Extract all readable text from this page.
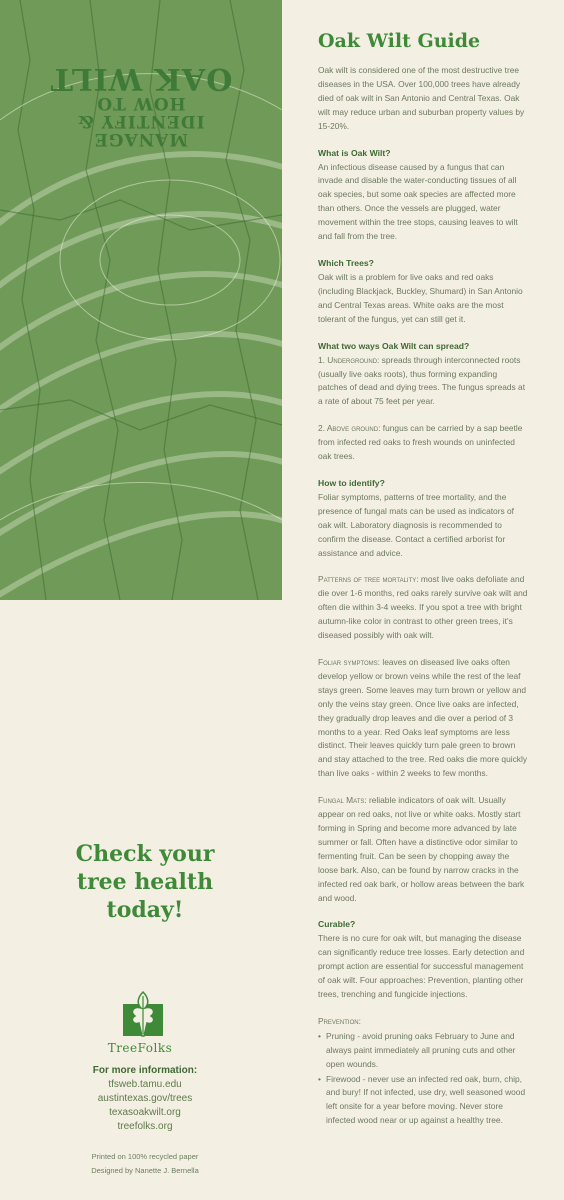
MANAGE
IDENTIFY &
HOW TO
OAK WILT
Check your
tree health
today!
TreeFolks
For more information:
tfsweb.tamu.edu
austintexas.gov/trees
texasoakwilt.org
treefolks.org
Printed on 100% recycled paper
Designed by Nanette J. Bernella
Oak Wilt Guide

Oak wilt is considered one of the most destructive tree diseases in the USA. Over 100,000 trees have already died of oak wilt in San Antonio and Central Texas. Oak wilt may reduce urban and suburban property values by 15-20%.

What is Oak Wilt?

An infectious disease caused by a fungus that can invade and disable the water-conducting tissues of all oak species, but some oak species are affected more than others. Once the vessels are plugged, water movement within the tree stops, causing leaves to wilt and fall from the tree.

Which Trees?

Oak wilt is a problem for live oaks and red oaks (including Blackjack, Buckley, Shumard) in San Antonio and Central Texas areas. White oaks are the most tolerant of the fungus, yet can still get it.

What two ways Oak Wilt can spread?

1. Underground: spreads through interconnected roots (usually live oaks roots), thus forming expanding patches of dead and dying trees. The fungus spreads at a rate of about 75 feet per year.

2. Above ground: fungus can be carried by a sap beetle from infected red oaks to fresh wounds on uninfected oak trees.

How to identify?

Foliar symptoms, patterns of tree mortality, and the presence of fungal mats can be used as indicators of oak wilt. Laboratory diagnosis is recommended to confirm the disease. Contact a certified arborist for assistance and advice.

Patterns of tree mortality: most live oaks defoliate and die over 1-6 months, red oaks rarely survive oak wilt and often die within 3-4 weeks. If you spot a tree with bright autumn-like color in contrast to other green trees, it's diseased possibly with oak wilt.

Foliar symptoms: leaves on diseased live oaks often develop yellow or brown veins while the rest of the leaf stays green. Some leaves may turn brown or yellow and only the veins stay green. Once live oaks are infected, they gradually drop leaves and die over a period of 3 months to a year. Red Oaks leaf symptoms are less distinct. Their leaves quickly turn pale green to brown and stay attached to the tree. Red oaks die more quickly than live oaks - within 2 weeks to few months.

Fungal Mats: reliable indicators of oak wilt. Usually appear on red oaks, not live or white oaks. Mostly start forming in Spring and become more advanced by late summer or fall. Often have a distinctive odor similar to fermenting fruit. Can be seen by chopping away the loose bark. Also, can be found by narrow cracks in the infected red oak bark, or hollow areas between the bark and wood.

Curable?

There is no cure for oak wilt, but managing the disease can significantly reduce tree losses. Early detection and prompt action are essential for successful management of oak wilt. Four approaches: Prevention, planting other trees, trenching and fungicide injections.

Prevention:
• Pruning - avoid pruning oaks February to June and always paint immediately all pruning cuts and other open wounds.
• Firewood - never use an infected red oak, burn, chip, and bury! If not infected, use dry, well seasoned wood left onsite for a year before moving. Never store infected wood near or up against a healthy tree.
